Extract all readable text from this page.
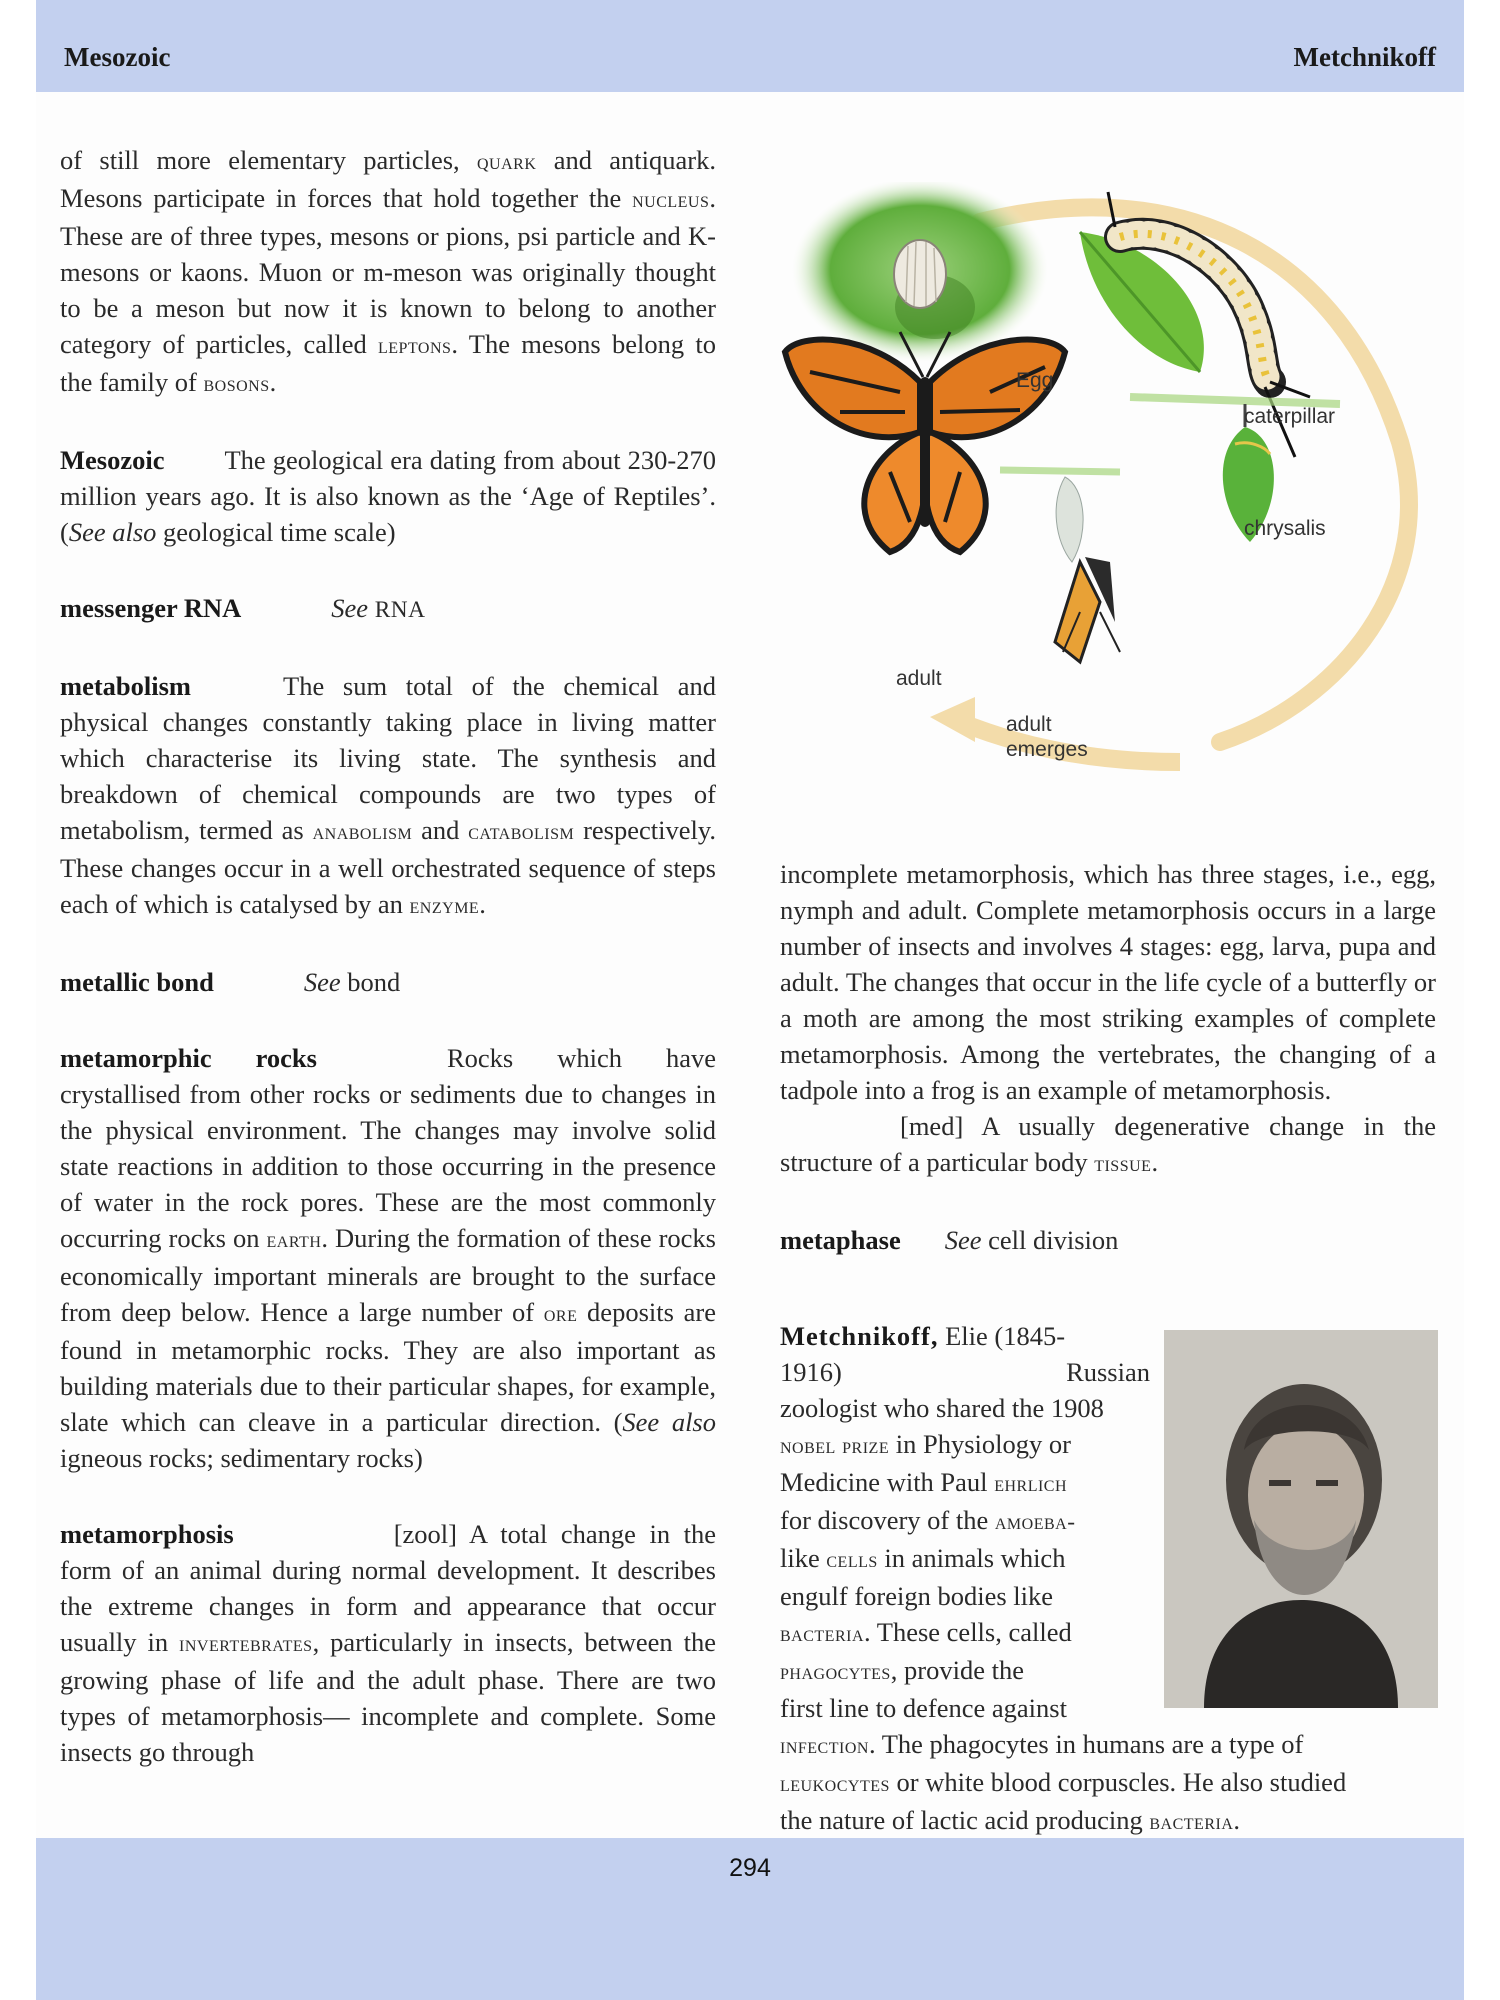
Mesozoic	Metchnikoff

of still more elementary particles, quark and antiquark. Mesons participate in forces that hold together the nucleus. These are of three types, mesons or pions, psi particle and K-mesons or kaons. Muon or m-meson was originally thought to be a meson but now it is known to belong to another category of particles, called leptons. The mesons belong to the family of bosons.

Mesozoic The geological era dating from about 230-270 million years ago. It is also known as the ‘Age of Reptiles’. (See also geological time scale)

messenger RNA	See RNA

metabolism	The sum total of the chemical and physical changes constantly taking place in living matter which characterise its living state. The synthesis and breakdown of chemical compounds are two types of metabolism, termed as anabolism and catabolism respectively. These changes occur in a well orchestrated sequence of steps each of which is catalysed by an enzyme.

metallic bond	See bond

metamorphic rocks	Rocks which have crystallised from other rocks or sediments due to changes in the physical environment. The changes may involve solid state reactions in addition to those occurring in the presence of water in the rock pores. These are the most commonly occurring rocks on earth. During the formation of these rocks economically important minerals are brought to the surface from deep below. Hence a large number of ore deposits are found in metamorphic rocks. They are also important as building materials due to their particular shapes, for example, slate which can cleave in a particular direction. (See also igneous rocks; sedimentary rocks)

metamorphosis	[zool] A total change in the form of an animal during normal development. It describes the extreme changes in form and appearance that occur usually in invertebrates, particularly in insects, between the growing phase of life and the adult phase. There are two types of metamorphosis— incomplete and complete. Some insects go through

Egg
caterpillar
chrysalis
adult
adult
emerges

incomplete metamorphosis, which has three stages, i.e., egg, nymph and adult. Complete metamorphosis occurs in a large number of insects and involves 4 stages: egg, larva, pupa and adult. The changes that occur in the life cycle of a butterfly or a moth are among the most striking examples of complete metamorphosis. Among the vertebrates, the changing of a tadpole into a frog is an example of metamorphosis.

[med] A usually degenerative change in the structure of a particular body tissue.

metaphase See cell division

Metchnikoff, Elie (1845-
1916)	Russian
zoologist who shared the 1908
nobel prize in Physiology or
Medicine with Paul ehrlich
for discovery of the amoeba-
like cells in animals which
engulf foreign bodies like
bacteria. These cells, called
phagocytes, provide the
first line to defence against
infection. The phagocytes in humans are a type of
leukocytes or white blood corpuscles. He also studied
the nature of lactic acid producing bacteria.
294
